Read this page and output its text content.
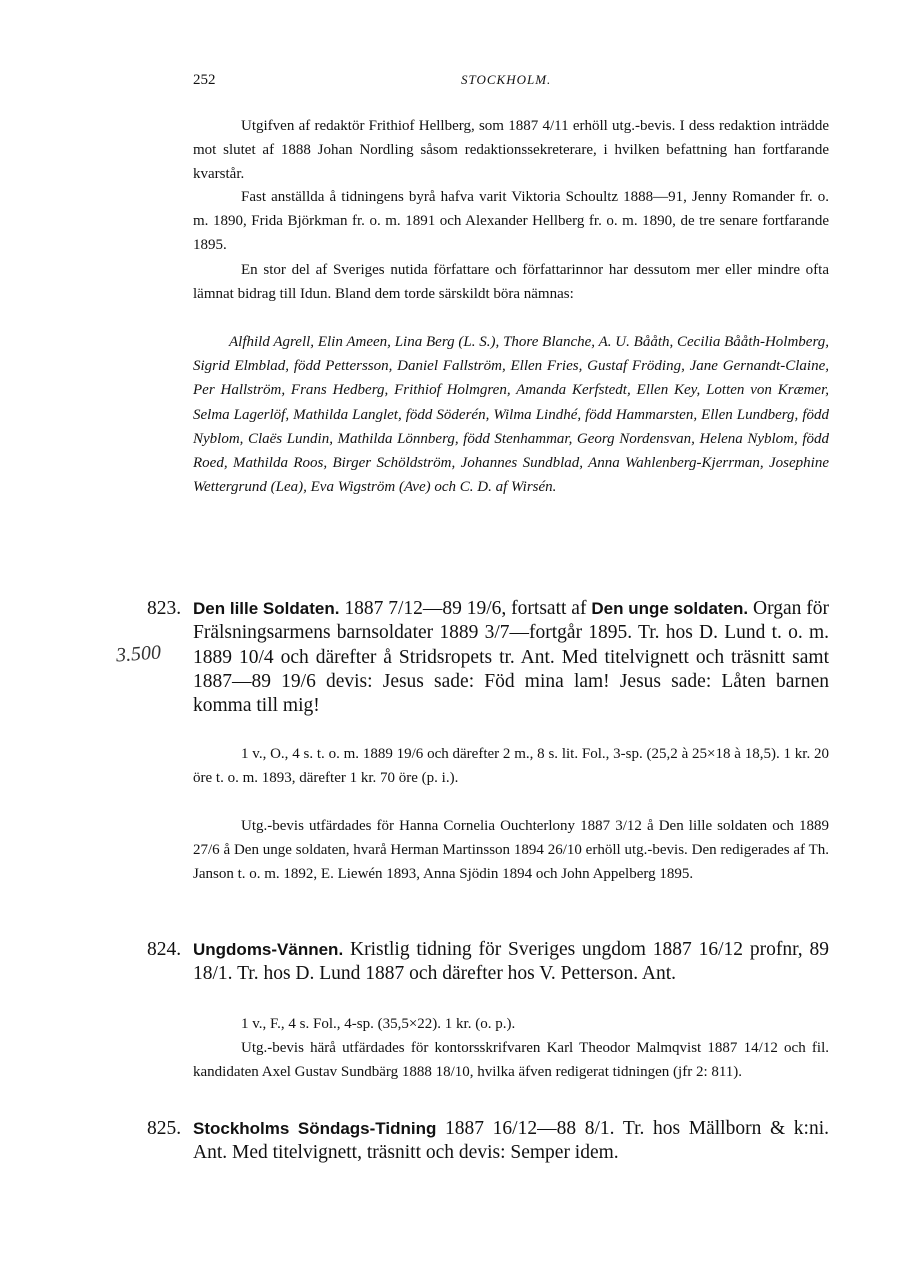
252	STOCKHOLM.

Utgifven af redaktör Frithiof Hellberg, som 1887 4/11 erhöll utg.-bevis. I dess redaktion inträdde mot slutet af 1888 Johan Nordling såsom redaktionssekreterare, i hvilken befattning han fortfarande kvarstår.

Fast anställda å tidningens byrå hafva varit Viktoria Schoultz 1888—91, Jenny Romander fr. o. m. 1890, Frida Björkman fr. o. m. 1891 och Alexander Hellberg fr. o. m. 1890, de tre senare fortfarande 1895.

En stor del af Sveriges nutida författare och författarinnor har dessutom mer eller mindre ofta lämnat bidrag till Idun. Bland dem torde särskildt böra nämnas:

Alfhild Agrell, Elin Ameen, Lina Berg (L. S.), Thore Blanche, A. U. Bååth, Cecilia Bååth-Holmberg, Sigrid Elmblad, född Pettersson, Daniel Fallström, Ellen Fries, Gustaf Fröding, Jane Gernandt-Claine, Per Hallström, Frans Hedberg, Frithiof Holmgren, Amanda Kerfstedt, Ellen Key, Lotten von Kræmer, Selma Lagerlöf, Mathilda Langlet, född Söderén, Wilma Lindhé, född Hammarsten, Ellen Lundberg, född Nyblom, Claës Lundin, Mathilda Lönnberg, född Stenhammar, Georg Nordensvan, Helena Nyblom, född Roed, Mathilda Roos, Birger Schöldström, Johannes Sundblad, Anna Wahlenberg-Kjerrman, Josephine Wettergrund (Lea), Eva Wigström (Ave) och C. D. af Wirsén.

823.
3.500

Den lille Soldaten. 1887 7/12—89 19/6, fortsatt af Den unge soldaten. Organ för Frälsningsarmens barnsoldater 1889 3/7—fortgår 1895. Tr. hos D. Lund t. o. m. 1889 10/4 och därefter å Stridsropets tr. Ant. Med titelvignett och träsnitt samt 1887—89 19/6 devis: Jesus sade: Föd mina lam! Jesus sade: Låten barnen komma till mig!

1 v., O., 4 s. t. o. m. 1889 19/6 och därefter 2 m., 8 s. lit. Fol., 3-sp. (25,2 à 25×18 à 18,5). 1 kr. 20 öre t. o. m. 1893, därefter 1 kr. 70 öre (p. i.).

Utg.-bevis utfärdades för Hanna Cornelia Ouchterlony 1887 3/12 å Den lille soldaten och 1889 27/6 å Den unge soldaten, hvarå Herman Martinsson 1894 26/10 erhöll utg.-bevis. Den redigerades af Th. Janson t. o. m. 1892, E. Liewén 1893, Anna Sjödin 1894 och John Appelberg 1895.

824. Ungdoms-Vännen. Kristlig tidning för Sveriges ungdom 1887 16/12 profnr, 89 18/1. Tr. hos D. Lund 1887 och därefter hos V. Petterson. Ant.

1 v., F., 4 s. Fol., 4-sp. (35,5×22). 1 kr. (o. p.).

Utg.-bevis härå utfärdades för kontorsskrifvaren Karl Theodor Malmqvist 1887 14/12 och fil. kandidaten Axel Gustav Sundbärg 1888 18/10, hvilka äfven redigerat tidningen (jfr 2: 811).

825. Stockholms Söndags-Tidning 1887 16/12—88 8/1. Tr. hos Mällborn & k:ni. Ant. Med titelvignett, träsnitt och devis: Semper idem.
